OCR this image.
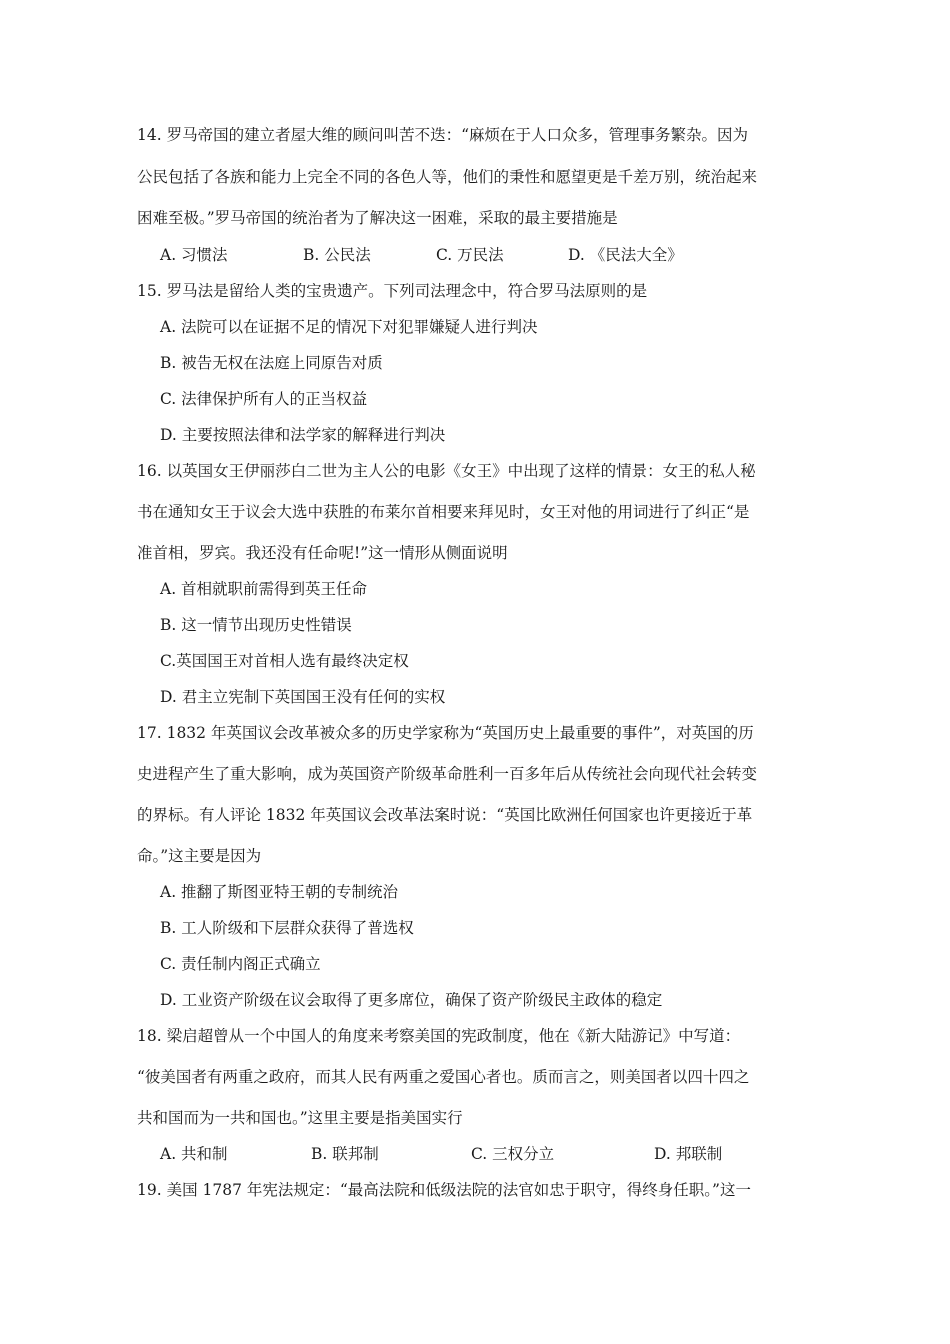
14. 罗马帝国的建立者屋大维的顾问叫苦不迭：“麻烦在于人口众多，管理事务繁杂。因为
公民包括了各族和能力上完全不同的各色人等，他们的秉性和愿望更是千差万别，统治起来
困难至极。”罗马帝国的统治者为了解决这一困难，采取的最主要措施是
A. 习惯法	B. 公民法	C. 万民法	D. 《民法大全》
15. 罗马法是留给人类的宝贵遗产。下列司法理念中，符合罗马法原则的是
A. 法院可以在证据不足的情况下对犯罪嫌疑人进行判决
B. 被告无权在法庭上同原告对质
C. 法律保护所有人的正当权益
D. 主要按照法律和法学家的解释进行判决
16. 以英国女王伊丽莎白二世为主人公的电影《女王》中出现了这样的情景：女王的私人秘
书在通知女王于议会大选中获胜的布莱尔首相要来拜见时，女王对他的用词进行了纠正“是
准首相，罗宾。我还没有任命呢!”这一情形从侧面说明
A. 首相就职前需得到英王任命
B. 这一情节出现历史性错误
C.英国国王对首相人选有最终决定权
D. 君主立宪制下英国国王没有任何的实权
17. 1832 年英国议会改革被众多的历史学家称为“英国历史上最重要的事件”，对英国的历
史进程产生了重大影响，成为英国资产阶级革命胜利一百多年后从传统社会向现代社会转变
的界标。有人评论 1832 年英国议会改革法案时说：“英国比欧洲任何国家也许更接近于革
命。”这主要是因为
A. 推翻了斯图亚特王朝的专制统治
B. 工人阶级和下层群众获得了普选权
C. 责任制内阁正式确立
D. 工业资产阶级在议会取得了更多席位，确保了资产阶级民主政体的稳定
18. 梁启超曾从一个中国人的角度来考察美国的宪政制度，他在《新大陆游记》中写道：
“彼美国者有两重之政府，而其人民有两重之爱国心者也。质而言之，则美国者以四十四之
共和国而为一共和国也。”这里主要是指美国实行
A. 共和制	B. 联邦制	C. 三权分立	D. 邦联制
19. 美国 1787 年宪法规定：“最高法院和低级法院的法官如忠于职守，得终身任职。”这一
